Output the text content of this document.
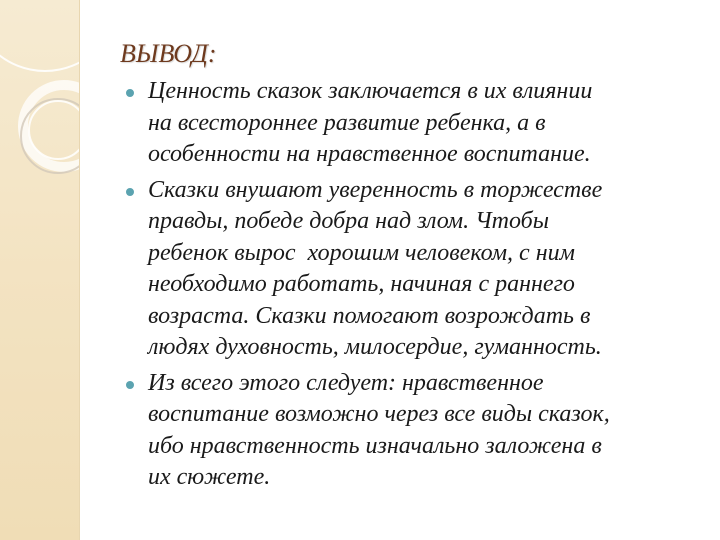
ВЫВОД:
Ценность сказок заключается в их влиянии
на всестороннее развитие ребенка, а в
особенности на нравственное воспитание.
Сказки внушают уверенность в торжестве
правды, победе добра над злом. Чтобы
ребенок вырос  хорошим человеком, с ним
необходимо работать, начиная с раннего
возраста. Сказки помогают возрождать в
людях духовность, милосердие, гуманность.
Из всего этого следует: нравственное
воспитание возможно через все виды сказок,
ибо нравственность изначально заложена в
их сюжете.
